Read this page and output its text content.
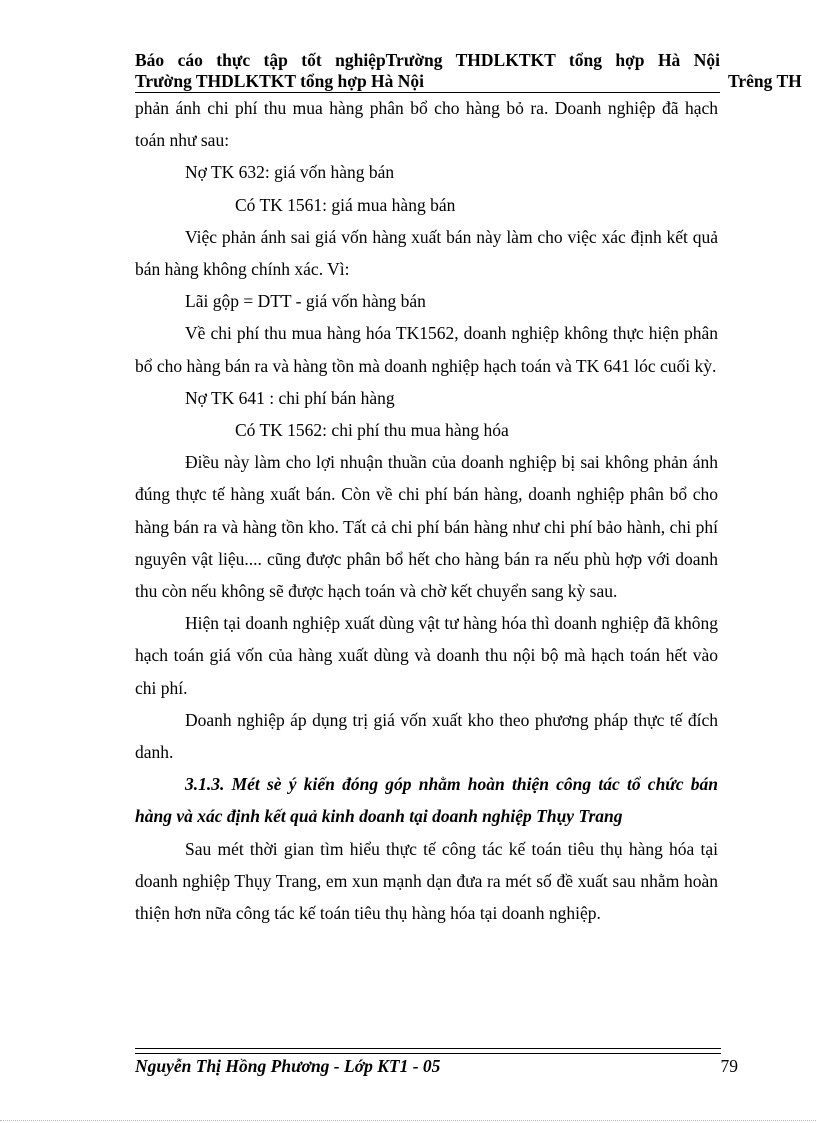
Báo cáo thực tập tốt nghiệpTrường THDLKTKT tổng hợp Hà Nội
Trường THDLKTKT tổng hợp Hà Nội	Trêng TH

phản ánh chi phí thu mua hàng phân bổ cho hàng bỏ ra. Doanh nghiệp đã hạch toán như sau:

Nợ TK 632: giá vốn hàng bán

Có TK 1561: giá mua hàng bán

Việc phản ánh sai giá vốn hàng xuất bán này làm cho việc xác định kết quả bán hàng không chính xác. Vì:

Lãi gộp = DTT - giá vốn hàng bán

Về chi phí thu mua hàng hóa TK1562, doanh nghiệp không thực hiện phân bổ cho hàng bán ra và hàng tồn mà doanh nghiệp hạch toán và TK 641 lóc cuối kỳ.

Nợ TK 641 : chi phí bán hàng

Có TK 1562: chi phí thu mua hàng hóa

Điều này làm cho lợi nhuận thuần của doanh nghiệp bị sai không phản ánh đúng thực tế hàng xuất bán. Còn về chi phí bán hàng, doanh nghiệp phân bổ cho hàng bán ra và hàng tồn kho. Tất cả chi phí bán hàng như chi phí bảo hành, chi phí nguyên vật liệu.... cũng được phân bổ hết cho hàng bán ra nếu phù hợp với doanh thu còn nếu không sẽ được hạch toán và chờ kết chuyển sang kỳ sau.

Hiện tại doanh nghiệp xuất dùng vật tư hàng hóa thì doanh nghiệp đã không hạch toán giá vốn của hàng xuất dùng và doanh thu nội bộ mà hạch toán hết vào chi phí.

Doanh nghiệp áp dụng trị giá vốn xuất kho theo phương pháp thực tế đích danh.

3.1.3. Mét sè ý kiến đóng góp nhằm hoàn thiện công tác tổ chức bán hàng và xác định kết quả kinh doanh tại doanh nghiệp Thụy Trang

Sau mét thời gian tìm hiểu thực tế công tác kế toán tiêu thụ hàng hóa tại doanh nghiệp Thụy Trang, em xun mạnh dạn đưa ra mét số đề xuất sau nhằm hoàn thiện hơn nữa công tác kế toán tiêu thụ hàng hóa tại doanh nghiệp.

Nguyễn Thị Hồng Phương - Lớp KT1 - 05	79
